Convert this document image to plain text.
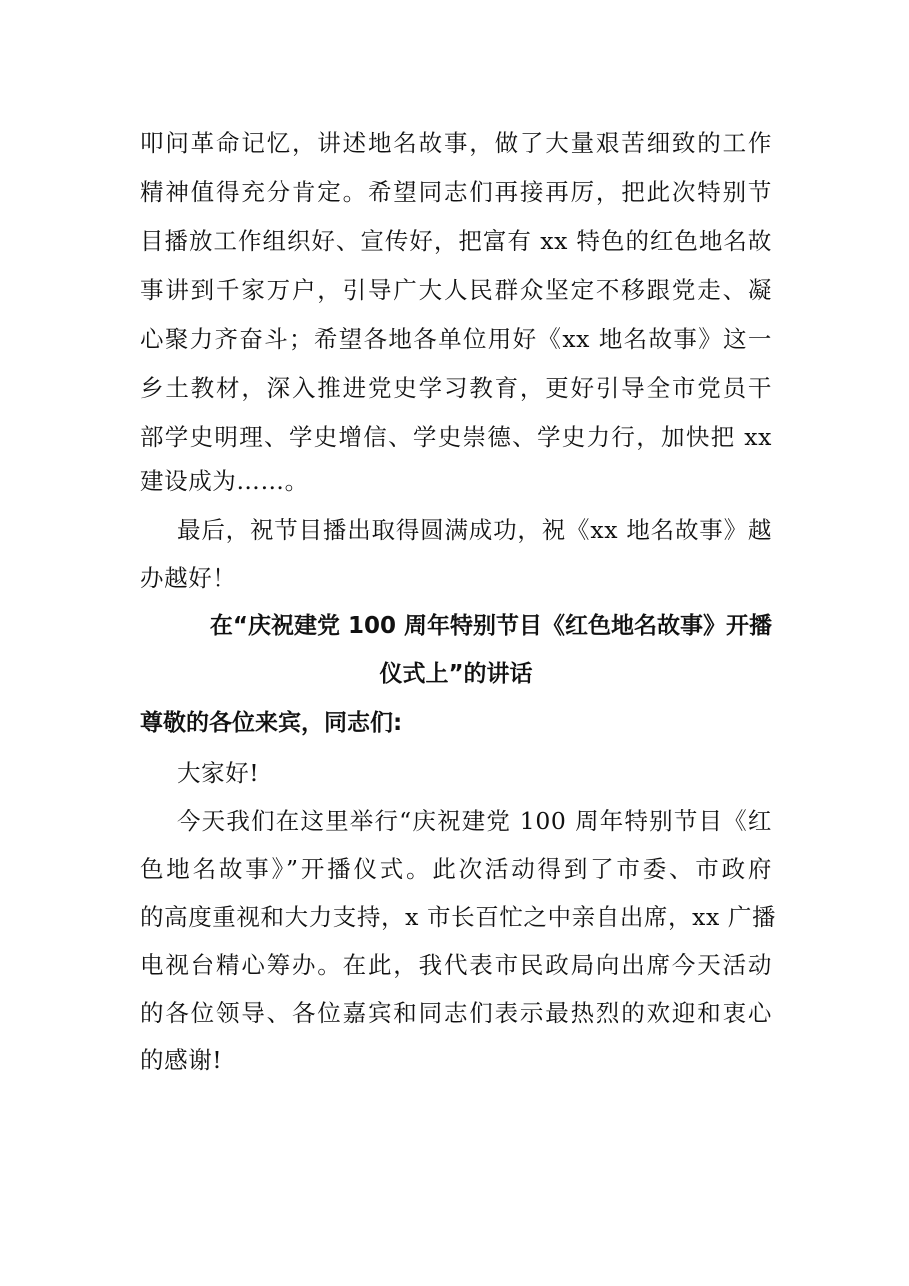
叩问革命记忆，讲述地名故事，做了大量艰苦细致的工作
精神值得充分肯定。希望同志们再接再厉，把此次特别节
目播放工作组织好、宣传好，把富有 xx 特色的红色地名故
事讲到千家万户，引导广大人民群众坚定不移跟党走、凝
心聚力齐奋斗；希望各地各单位用好《xx 地名故事》这一
乡土教材，深入推进党史学习教育，更好引导全市党员干
部学史明理、学史增信、学史崇德、学史力行，加快把 xx
建设成为……。
最后，祝节目播出取得圆满成功，祝《xx 地名故事》越
办越好！
在“庆祝建党 100 周年特别节目《红色地名故事》开播
仪式上”的讲话
尊敬的各位来宾，同志们:
大家好!
今天我们在这里举行“庆祝建党 100 周年特别节目《红
色地名故事》”开播仪式。此次活动得到了市委、市政府
的高度重视和大力支持，x 市长百忙之中亲自出席，xx 广播
电视台精心筹办。在此，我代表市民政局向出席今天活动
的各位领导、各位嘉宾和同志们表示最热烈的欢迎和衷心
的感谢!
